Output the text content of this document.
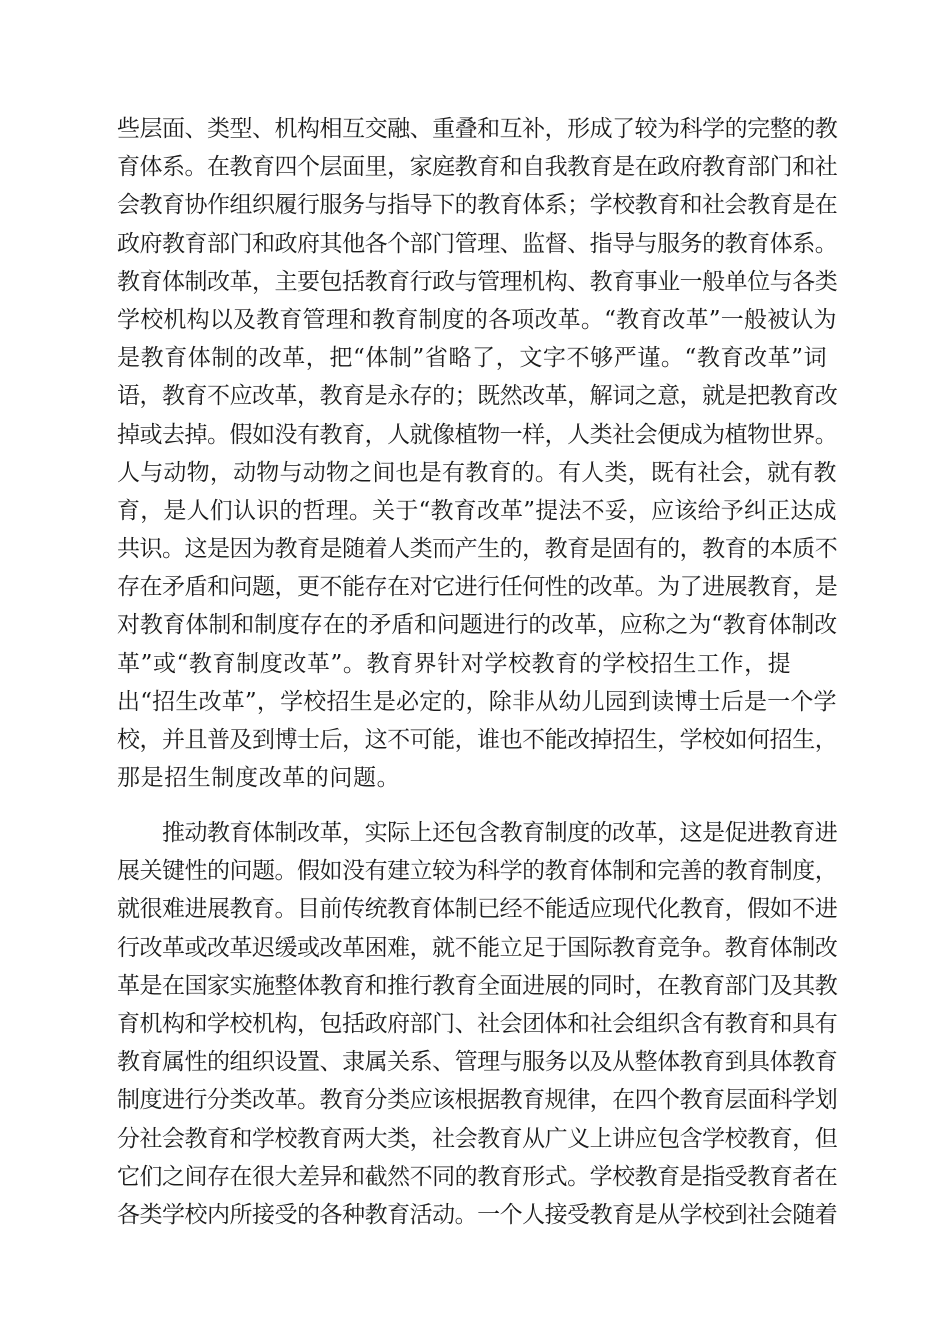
些层面、类型、机构相互交融、重叠和互补，形成了较为科学的完整的教
育体系。在教育四个层面里，家庭教育和自我教育是在政府教育部门和社
会教育协作组织履行服务与指导下的教育体系；学校教育和社会教育是在
政府教育部门和政府其他各个部门管理、监督、指导与服务的教育体系。
教育体制改革，主要包括教育行政与管理机构、教育事业一般单位与各类
学校机构以及教育管理和教育制度的各项改革。“教育改革”一般被认为
是教育体制的改革，把“体制”省略了，文字不够严谨。“教育改革”词
语，教育不应改革，教育是永存的；既然改革，解词之意，就是把教育改
掉或去掉。假如没有教育，人就像植物一样，人类社会便成为植物世界。
人与动物，动物与动物之间也是有教育的。有人类，既有社会，就有教
育，是人们认识的哲理。关于“教育改革”提法不妥，应该给予纠正达成
共识。这是因为教育是随着人类而产生的，教育是固有的，教育的本质不
存在矛盾和问题，更不能存在对它进行任何性的改革。为了进展教育，是
对教育体制和制度存在的矛盾和问题进行的改革，应称之为“教育体制改
革”或“教育制度改革”。教育界针对学校教育的学校招生工作，提
出“招生改革”，学校招生是必定的，除非从幼儿园到读博士后是一个学
校，并且普及到博士后，这不可能，谁也不能改掉招生，学校如何招生，
那是招生制度改革的问题。
　　推动教育体制改革，实际上还包含教育制度的改革，这是促进教育进
展关键性的问题。假如没有建立较为科学的教育体制和完善的教育制度，
就很难进展教育。目前传统教育体制已经不能适应现代化教育，假如不进
行改革或改革迟缓或改革困难，就不能立足于国际教育竞争。教育体制改
革是在国家实施整体教育和推行教育全面进展的同时，在教育部门及其教
育机构和学校机构，包括政府部门、社会团体和社会组织含有教育和具有
教育属性的组织设置、隶属关系、管理与服务以及从整体教育到具体教育
制度进行分类改革。教育分类应该根据教育规律，在四个教育层面科学划
分社会教育和学校教育两大类，社会教育从广义上讲应包含学校教育，但
它们之间存在很大差异和截然不同的教育形式。学校教育是指受教育者在
各类学校内所接受的各种教育活动。一个人接受教育是从学校到社会随着
